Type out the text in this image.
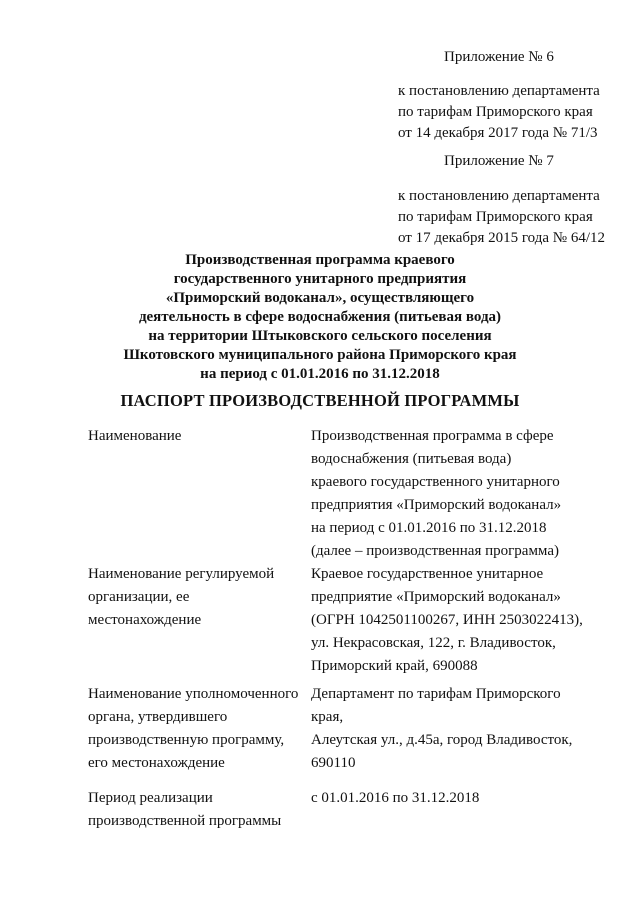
Приложение № 6
к постановлению департамента
по тарифам Приморского края
от 14 декабря 2017 года № 71/3
Приложение № 7
к постановлению департамента
по тарифам Приморского края
от 17 декабря 2015 года № 64/12
Производственная программа краевого
государственного унитарного предприятия
«Приморский водоканал», осуществляющего
деятельность в сфере водоснабжения (питьевая вода)
на территории Штыковского сельского поселения
Шкотовского муниципального района Приморского края
на период с 01.01.2016 по 31.12.2018
ПАСПОРТ ПРОИЗВОДСТВЕННОЙ ПРОГРАММЫ
Наименование	Производственная программа в сфере
водоснабжения (питьевая вода)
краевого государственного унитарного
предприятия «Приморский водоканал»
на период с 01.01.2016 по 31.12.2018
(далее – производственная программа)
Наименование регулируемой
организации, ее
местонахождение
Краевое государственное унитарное
предприятие «Приморский водоканал»
(ОГРН 1042501100267, ИНН 2503022413),
ул. Некрасовская, 122, г. Владивосток,
Приморский край, 690088
Наименование уполномоченного
органа, утвердившего
производственную программу,
его местонахождение
Департамент по тарифам Приморского
края,
Алеутская ул., д.45а, город Владивосток,
690110
Период реализации
производственной программы
с 01.01.2016 по 31.12.2018
